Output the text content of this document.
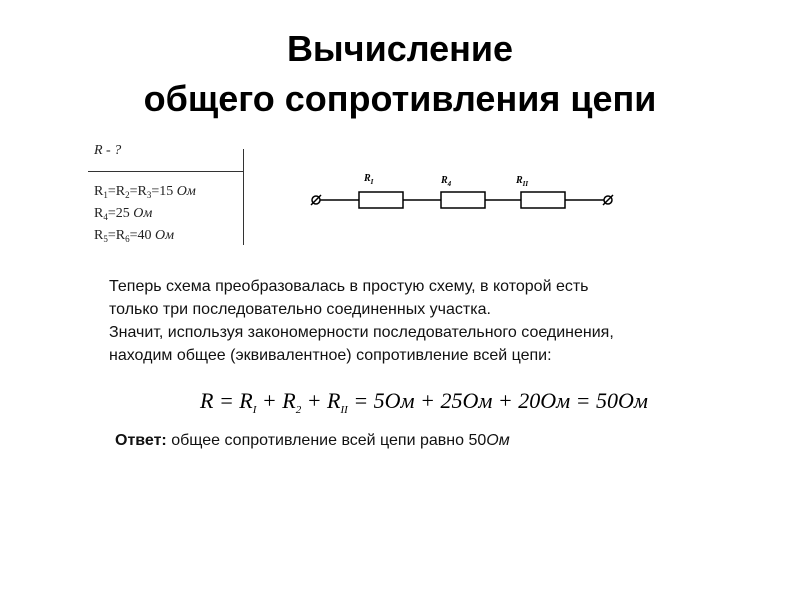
Вычисление
общего сопротивления цепи
R - ?
$R_1=R_2=R_3=15$ Ом
$R_4=25$ Ом
$R_5=R_6=40$ Ом
$R_I$	$R_4$	$R_{II}$
Теперь схема преобразовалась в простую схему, в которой есть
только три последовательно соединенных участка.
Значит, используя закономерности последовательного соединения,
находим общее (эквивалентное) сопротивление всей цепи:
$R = R_I + R_2 + R_{II} = 5Ом + 25Ом + 20Ом = 50Ом$
Ответ: общее сопротивление всей цепи равно 50Ом
